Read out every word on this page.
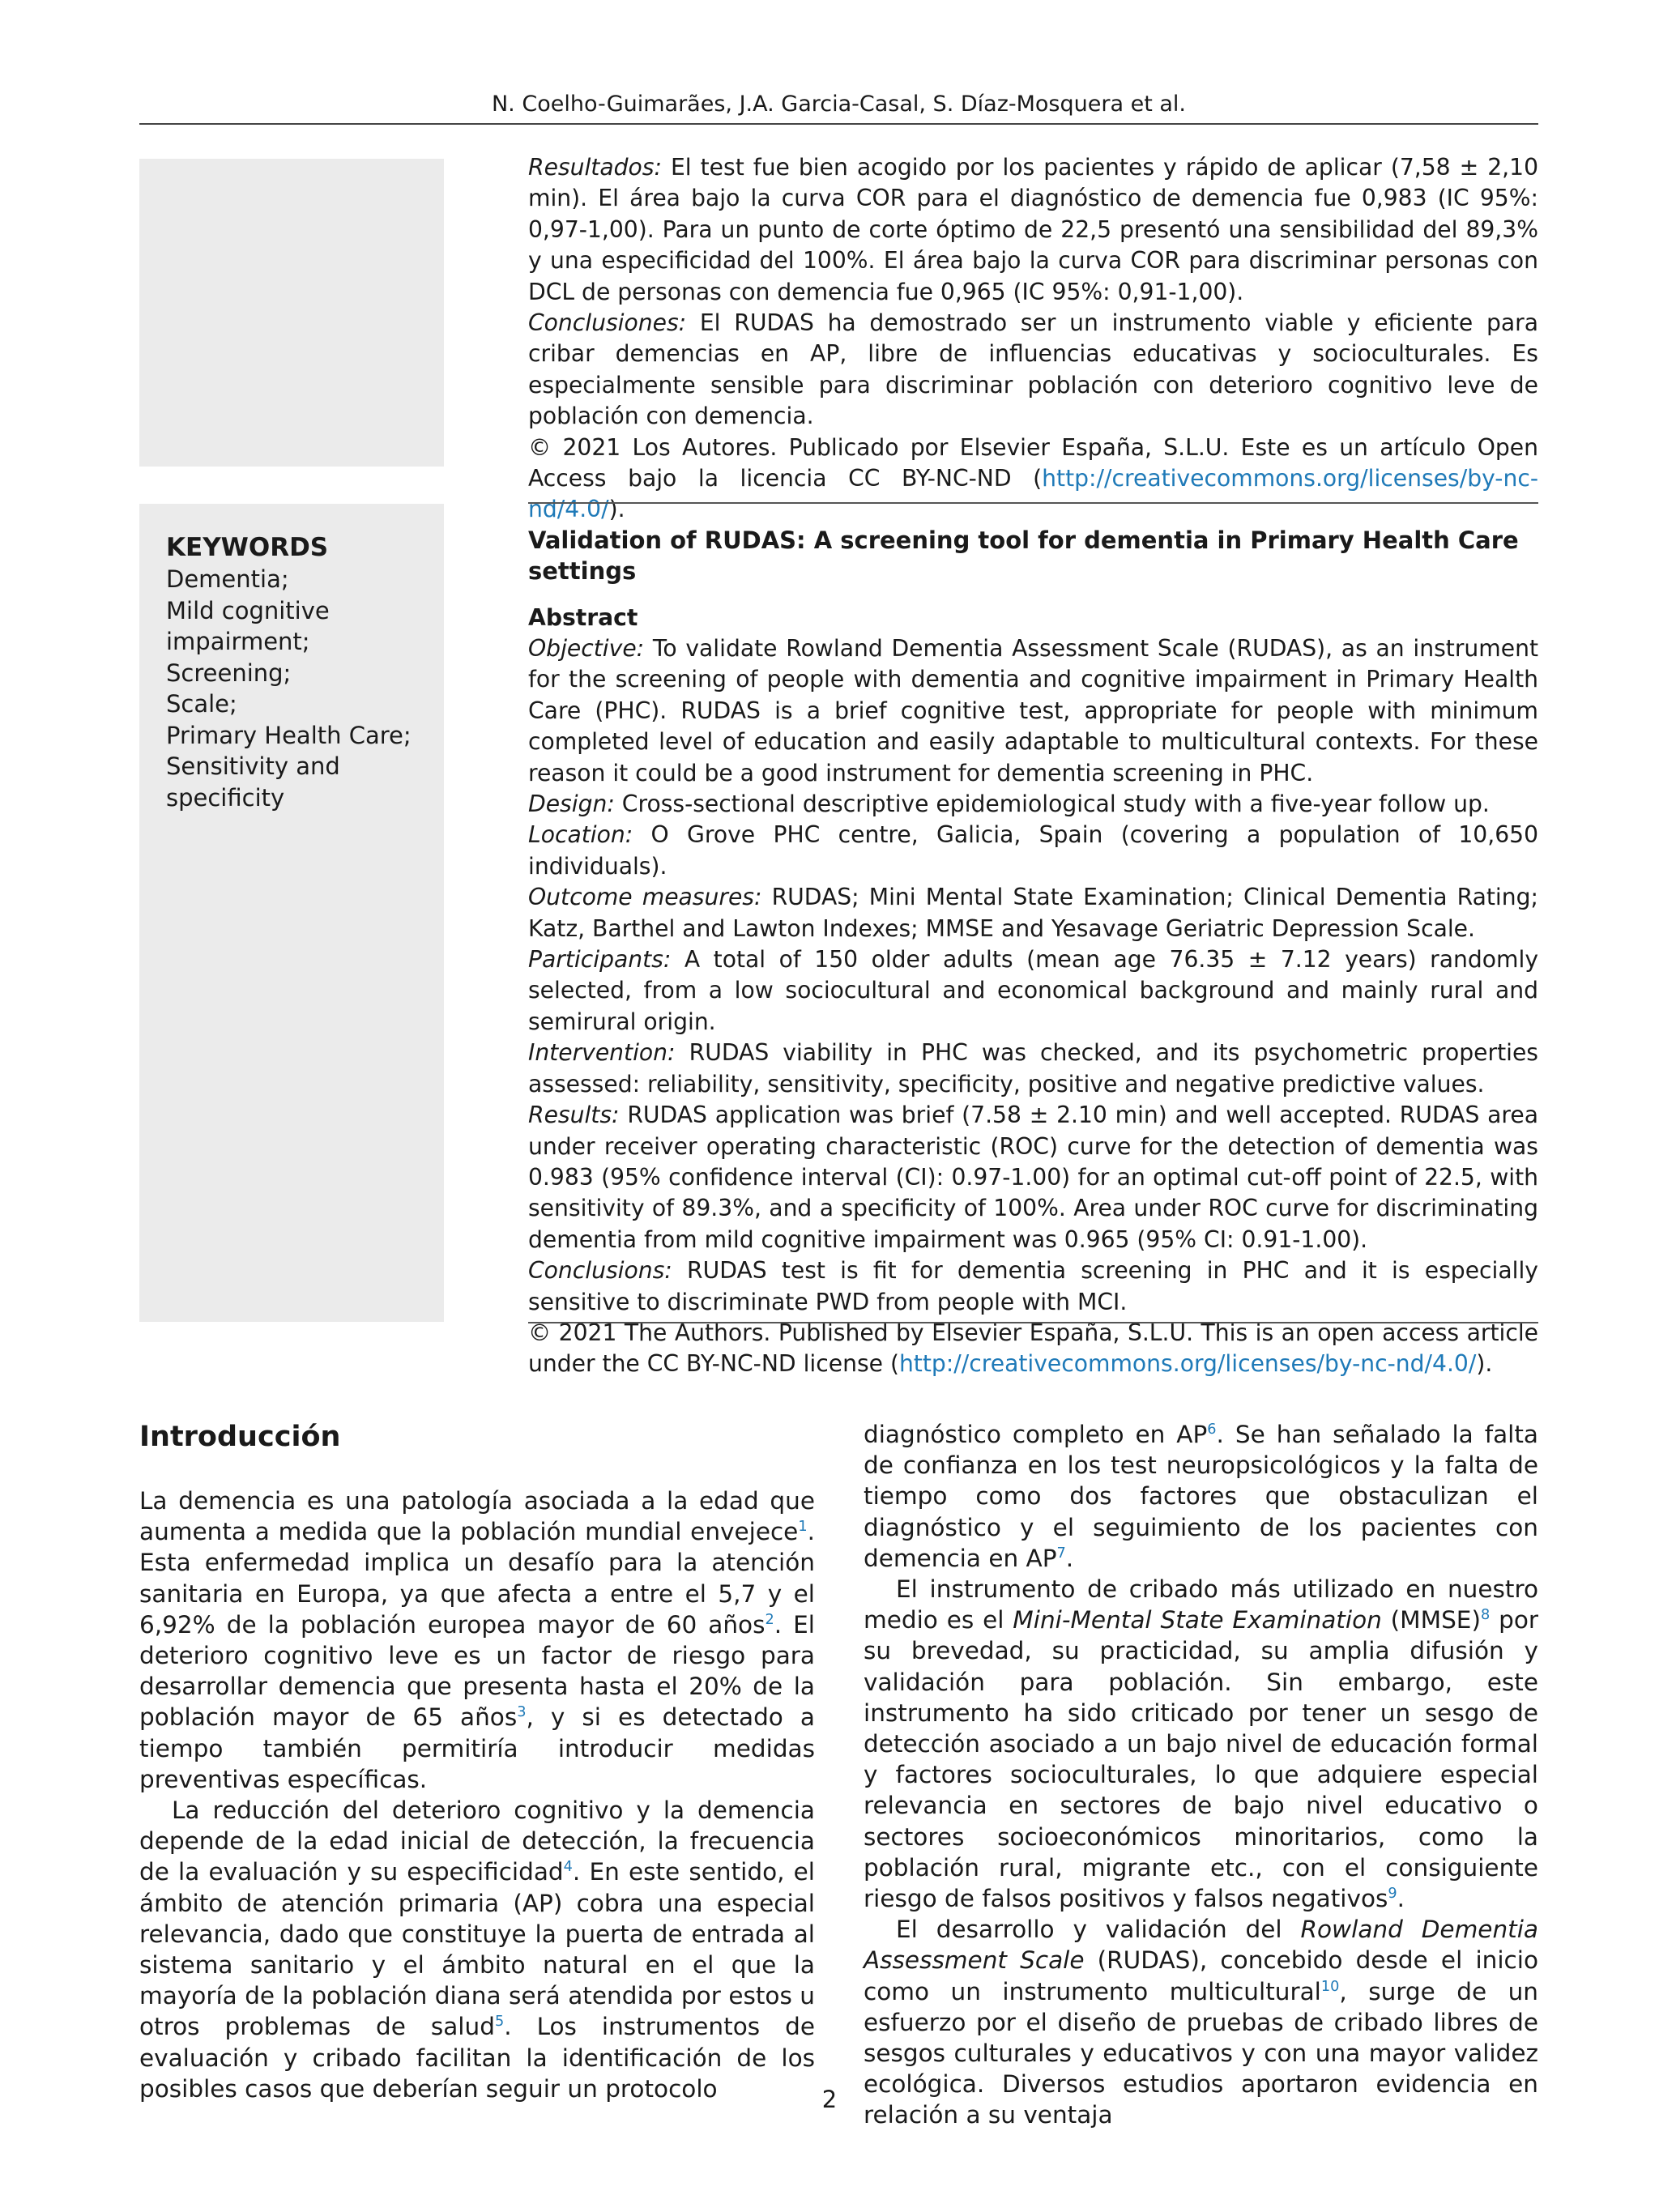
N. Coelho-Guimarães, J.A. Garcia-Casal, S. Díaz-Mosquera et al.

Resultados: El test fue bien acogido por los pacientes y rápido de aplicar (7,58 ± 2,10 min). El área bajo la curva COR para el diagnóstico de demencia fue 0,983 (IC 95%: 0,97-1,00). Para un punto de corte óptimo de 22,5 presentó una sensibilidad del 89,3% y una especificidad del 100%. El área bajo la curva COR para discriminar personas con DCL de personas con demencia fue 0,965 (IC 95%: 0,91-1,00).

Conclusiones: El RUDAS ha demostrado ser un instrumento viable y eficiente para cribar demencias en AP, libre de influencias educativas y socioculturales. Es especialmente sensible para discriminar población con deterioro cognitivo leve de población con demencia.

© 2021 Los Autores. Publicado por Elsevier España, S.L.U. Este es un artículo Open Access bajo la licencia CC BY-NC-ND (http://creativecommons.org/licenses/by-nc-nd/4.0/).

KEYWORDS
Dementia;
Mild cognitive impairment;
Screening;
Scale;
Primary Health Care;
Sensitivity and specificity

Validation of RUDAS: A screening tool for dementia in Primary Health Care settings

Abstract

Objective: To validate Rowland Dementia Assessment Scale (RUDAS), as an instrument for the screening of people with dementia and cognitive impairment in Primary Health Care (PHC). RUDAS is a brief cognitive test, appropriate for people with minimum completed level of education and easily adaptable to multicultural contexts. For these reason it could be a good instrument for dementia screening in PHC.

Design: Cross-sectional descriptive epidemiological study with a five-year follow up.

Location: O Grove PHC centre, Galicia, Spain (covering a population of 10,650 individuals).

Outcome measures: RUDAS; Mini Mental State Examination; Clinical Dementia Rating; Katz, Barthel and Lawton Indexes; MMSE and Yesavage Geriatric Depression Scale.

Participants: A total of 150 older adults (mean age 76.35 ± 7.12 years) randomly selected, from a low sociocultural and economical background and mainly rural and semirural origin.

Intervention: RUDAS viability in PHC was checked, and its psychometric properties assessed: reliability, sensitivity, specificity, positive and negative predictive values.

Results: RUDAS application was brief (7.58 ± 2.10 min) and well accepted. RUDAS area under receiver operating characteristic (ROC) curve for the detection of dementia was 0.983 (95% confidence interval (CI): 0.97-1.00) for an optimal cut-off point of 22.5, with sensitivity of 89.3%, and a specificity of 100%. Area under ROC curve for discriminating dementia from mild cognitive impairment was 0.965 (95% CI: 0.91-1.00).

Conclusions: RUDAS test is fit for dementia screening in PHC and it is especially sensitive to discriminate PWD from people with MCI.

© 2021 The Authors. Published by Elsevier España, S.L.U. This is an open access article under the CC BY-NC-ND license (http://creativecommons.org/licenses/by-nc-nd/4.0/).

Introducción

La demencia es una patología asociada a la edad que aumenta a medida que la población mundial envejece$^1$. Esta enfermedad implica un desafío para la atención sanitaria en Europa, ya que afecta a entre el 5,7 y el 6,92% de la población europea mayor de 60 años$^2$. El deterioro cognitivo leve es un factor de riesgo para desarrollar demencia que presenta hasta el 20% de la población mayor de 65 años$^3$, y si es detectado a tiempo también permitiría introducir medidas preventivas específicas.

La reducción del deterioro cognitivo y la demencia depende de la edad inicial de detección, la frecuencia de la evaluación y su especificidad$^4$. En este sentido, el ámbito de atención primaria (AP) cobra una especial relevancia, dado que constituye la puerta de entrada al sistema sanitario y el ámbito natural en el que la mayoría de la población diana será atendida por estos u otros problemas de salud$^5$. Los instrumentos de evaluación y cribado facilitan la identificación de los posibles casos que deberían seguir un protocolo

diagnóstico completo en AP$^6$. Se han señalado la falta de confianza en los test neuropsicológicos y la falta de tiempo como dos factores que obstaculizan el diagnóstico y el seguimiento de los pacientes con demencia en AP$^7$.

El instrumento de cribado más utilizado en nuestro medio es el Mini-Mental State Examination (MMSE)$^8$ por su brevedad, su practicidad, su amplia difusión y validación para población. Sin embargo, este instrumento ha sido criticado por tener un sesgo de detección asociado a un bajo nivel de educación formal y factores socioculturales, lo que adquiere especial relevancia en sectores de bajo nivel educativo o sectores socioeconómicos minoritarios, como la población rural, migrante etc., con el consiguiente riesgo de falsos positivos y falsos negativos$^9$.

El desarrollo y validación del Rowland Dementia Assessment Scale (RUDAS), concebido desde el inicio como un instrumento multicultural$^{10}$, surge de un esfuerzo por el diseño de pruebas de cribado libres de sesgos culturales y educativos y con una mayor validez ecológica. Diversos estudios aportaron evidencia en relación a su ventaja

2
